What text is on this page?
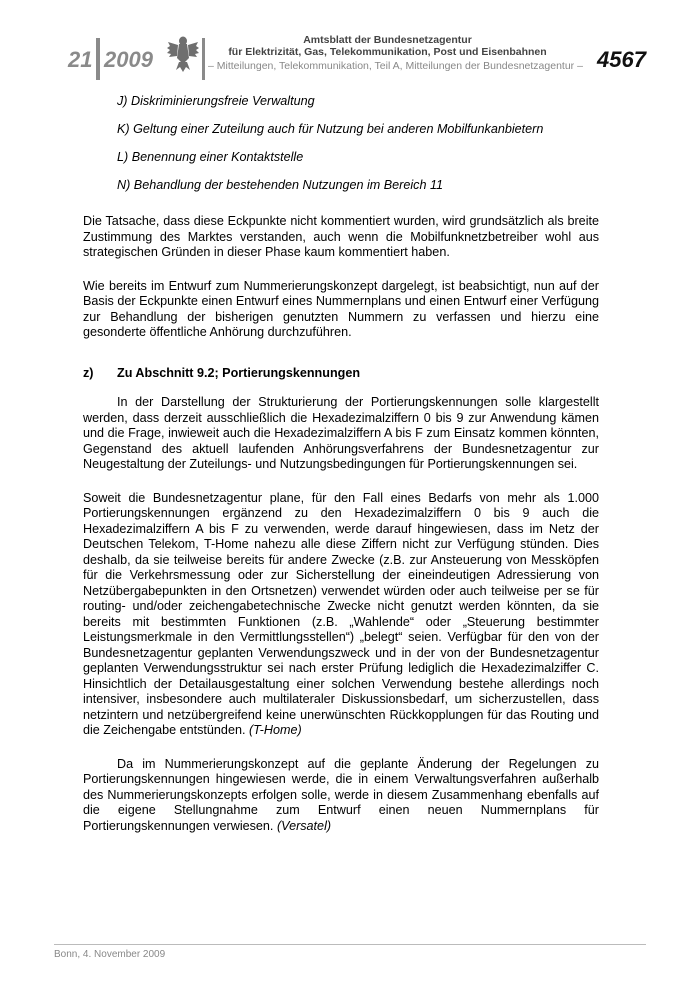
21 2009
Amtsblatt der Bundesnetzagentur
für Elektrizität, Gas, Telekommunikation, Post und Eisenbahnen
– Mitteilungen, Telekommunikation, Teil A, Mitteilungen der Bundesnetzagentur – 4567
J) Diskriminierungsfreie Verwaltung
K) Geltung einer Zuteilung auch für Nutzung bei anderen Mobilfunkanbietern
L) Benennung einer Kontaktstelle
N) Behandlung der bestehenden Nutzungen im Bereich 11

Die Tatsache, dass diese Eckpunkte nicht kommentiert wurden, wird grundsätzlich als breite Zustimmung des Marktes verstanden, auch wenn die Mobilfunknetzbetreiber wohl aus strategischen Gründen in dieser Phase kaum kommentiert haben.

Wie bereits im Entwurf zum Nummerierungskonzept dargelegt, ist beabsichtigt, nun auf der Basis der Eckpunkte einen Entwurf eines Nummernplans und einen Entwurf einer Verfügung zur Behandlung der bisherigen genutzten Nummern zu verfassen und hierzu eine gesonderte öffentliche Anhörung durchzuführen.

z)	Zu Abschnitt 9.2; Portierungskennungen

In der Darstellung der Strukturierung der Portierungskennungen solle klargestellt werden, dass derzeit ausschließlich die Hexadezimalziffern 0 bis 9 zur Anwendung kämen und die Frage, inwieweit auch die Hexadezimalziffern A bis F zum Einsatz kommen könnten, Gegenstand des aktuell laufenden Anhörungsverfahrens der Bundesnetzagentur zur Neugestaltung der Zuteilungs- und Nutzungsbedingungen für Portierungskennungen sei.

Soweit die Bundesnetzagentur plane, für den Fall eines Bedarfs von mehr als 1.000 Portierungskennungen ergänzend zu den Hexadezimalziffern 0 bis 9 auch die Hexadezimalziffern A bis F zu verwenden, werde darauf hingewiesen, dass im Netz der Deutschen Telekom, T-Home nahezu alle diese Ziffern nicht zur Verfügung stünden. Dies deshalb, da sie teilweise bereits für andere Zwecke (z.B. zur Ansteuerung von Messköpfen für die Verkehrsmessung oder zur Sicherstellung der eineindeutigen Adressierung von Netzübergabepunkten in den Ortsnetzen) verwendet würden oder auch teilweise per se für routing- und/oder zeichengabetechnische Zwecke nicht genutzt werden könnten, da sie bereits mit bestimmten Funktionen (z.B. „Wahlende“ oder „Steuerung bestimmter Leistungsmerkmale in den Vermittlungsstellen“) „belegt“ seien. Verfügbar für den von der Bundesnetzagentur geplanten Verwendungszweck und in der von der Bundesnetzagentur geplanten Verwendungsstruktur sei nach erster Prüfung lediglich die Hexadezimalziffer C. Hinsichtlich der Detailausgestaltung einer solchen Verwendung bestehe allerdings noch intensiver, insbesondere auch multilateraler Diskussionsbedarf, um sicherzustellen, dass netzintern und netzübergreifend keine unerwünschten Rückkopplungen für das Routing und die Zeichengabe entstünden. (T-Home)

Da im Nummerierungskonzept auf die geplante Änderung der Regelungen zu Portierungskennungen hingewiesen werde, die in einem Verwaltungsverfahren außerhalb des Nummerierungskonzepts erfolgen solle, werde in diesem Zusammenhang ebenfalls auf die eigene Stellungnahme zum Entwurf einen neuen Nummernplans für Portierungskennungen verwiesen. (Versatel)

Bonn, 4. November 2009
